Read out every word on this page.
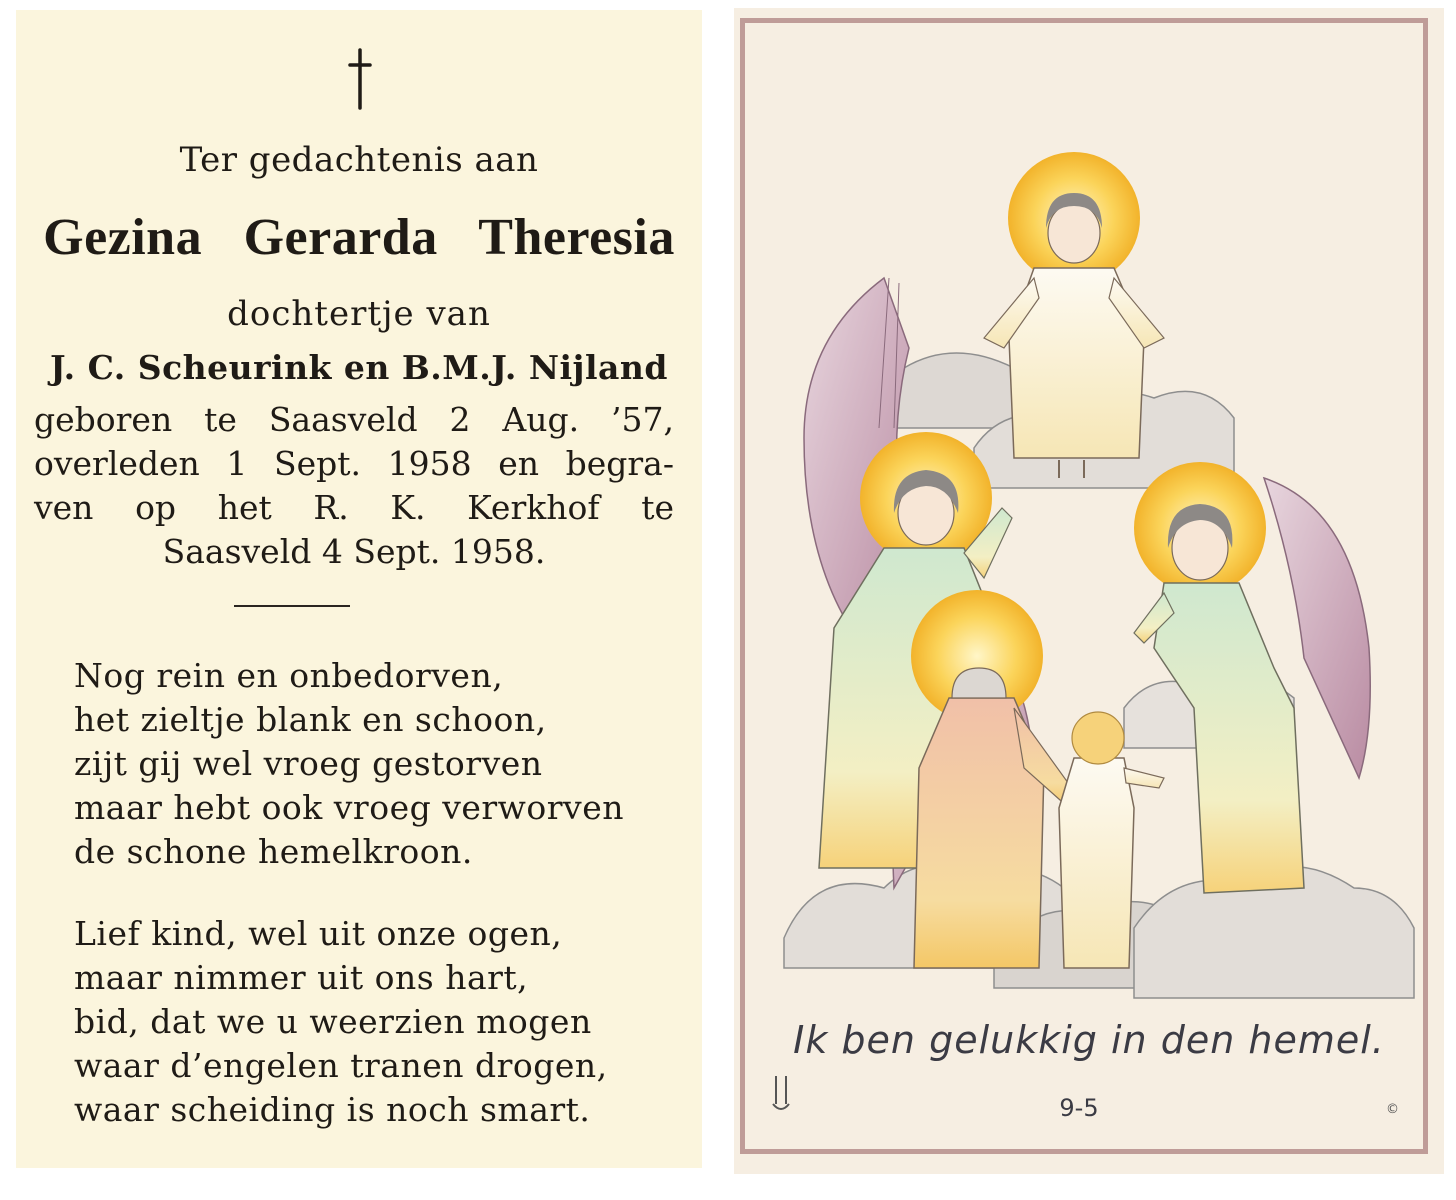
Ter gedachtenis aan
Gezina Gerarda Theresia
dochtertje van
J. C. Scheurink en B.M.J. Nijland
geboren te Saasveld 2 Aug. ’57,
overleden 1 Sept. 1958 en begra-
ven op het R. K. Kerkhof te
Saasveld 4 Sept. 1958.
Nog rein en onbedorven,
het zieltje blank en schoon,
zijt gij wel vroeg gestorven
maar hebt ook vroeg verworven
de schone hemelkroon.
Lief kind, wel uit onze ogen,
maar nimmer uit ons hart,
bid, dat we u weerzien mogen
waar d’engelen tranen drogen,
waar scheiding is noch smart.
Ik ben gelukkig in den hemel.
9-5	©
